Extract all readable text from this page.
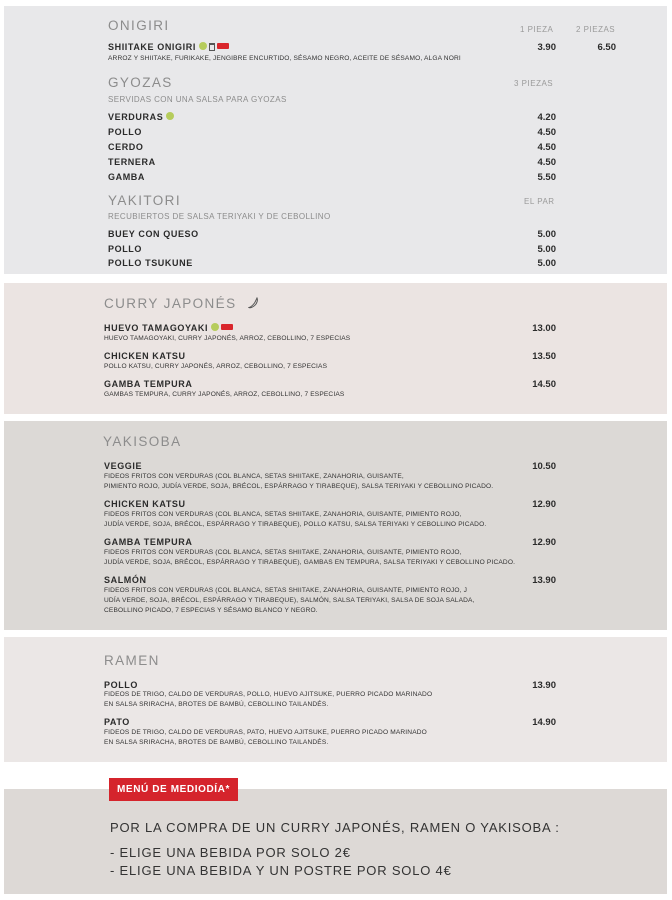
ONIGIRI	1 PIEZA	2 PIEZAS
SHIITAKE ONIGIRI	3.90	6.50
ARROZ Y SHIITAKE, FURIKAKE, JENGIBRE ENCURTIDO, SÉSAMO NEGRO, ACEITE DE SÉSAMO, ALGA NORI
GYOZAS	3 PIEZAS
SERVIDAS CON UNA SALSA PARA GYOZAS
VERDURAS	4.20
POLLO	4.50
CERDO	4.50
TERNERA	4.50
GAMBA	5.50
YAKITORI	EL PAR
RECUBIERTOS DE SALSA TERIYAKI Y DE CEBOLLINO
BUEY CON QUESO	5.00
POLLO	5.00
POLLO TSUKUNE	5.00
CURRY JAPONÉS
HUEVO TAMAGOYAKI	13.00
HUEVO TAMAGOYAKI, CURRY JAPONÉS, ARROZ, CEBOLLINO, 7 ESPECIAS
CHICKEN KATSU	13.50
POLLO KATSU, CURRY JAPONÉS, ARROZ, CEBOLLINO, 7 ESPECIAS
GAMBA TEMPURA	14.50
GAMBAS TEMPURA, CURRY JAPONÉS, ARROZ, CEBOLLINO, 7 ESPECIAS
YAKISOBA
VEGGIE	10.50
FIDEOS FRITOS CON VERDURAS (COL BLANCA, SETAS SHIITAKE, ZANAHORIA, GUISANTE,
PIMIENTO ROJO, JUDÍA VERDE, SOJA, BRÉCOL, ESPÁRRAGO Y TIRABEQUE), SALSA TERIYAKI Y CEBOLLINO PICADO.
CHICKEN KATSU	12.90
FIDEOS FRITOS CON VERDURAS (COL BLANCA, SETAS SHIITAKE, ZANAHORIA, GUISANTE, PIMIENTO ROJO,
JUDÍA VERDE, SOJA, BRÉCOL, ESPÁRRAGO Y TIRABEQUE), POLLO KATSU, SALSA TERIYAKI Y CEBOLLINO PICADO.
GAMBA TEMPURA	12.90
FIDEOS FRITOS CON VERDURAS (COL BLANCA, SETAS SHIITAKE, ZANAHORIA, GUISANTE, PIMIENTO ROJO,
JUDÍA VERDE, SOJA, BRÉCOL, ESPÁRRAGO Y TIRABEQUE), GAMBAS EN TEMPURA, SALSA TERIYAKI Y CEBOLLINO PICADO.
SALMÓN	13.90
FIDEOS FRITOS CON VERDURAS (COL BLANCA, SETAS SHIITAKE, ZANAHORIA, GUISANTE, PIMIENTO ROJO, J
UDÍA VERDE, SOJA, BRÉCOL, ESPÁRRAGO Y TIRABEQUE), SALMÓN, SALSA TERIYAKI, SALSA DE SOJA SALADA,
CEBOLLINO PICADO, 7 ESPECIAS Y SÉSAMO BLANCO Y NEGRO.
RAMEN
POLLO	13.90
FIDEOS DE TRIGO, CALDO DE VERDURAS, POLLO, HUEVO AJITSUKE, PUERRO PICADO MARINADO
EN SALSA SRIRACHA, BROTES DE BAMBÚ, CEBOLLINO TAILANDÉS.
PATO	14.90
FIDEOS DE TRIGO, CALDO DE VERDURAS, PATO, HUEVO AJITSUKE, PUERRO PICADO MARINADO
EN SALSA SRIRACHA, BROTES DE BAMBÚ, CEBOLLINO TAILANDÉS.
MENÚ DE MEDIODÍA*
POR LA COMPRA DE UN CURRY JAPONÉS, RAMEN O YAKISOBA :
- ELIGE UNA BEBIDA POR SOLO 2€
- ELIGE UNA BEBIDA Y UN POSTRE POR SOLO 4€
